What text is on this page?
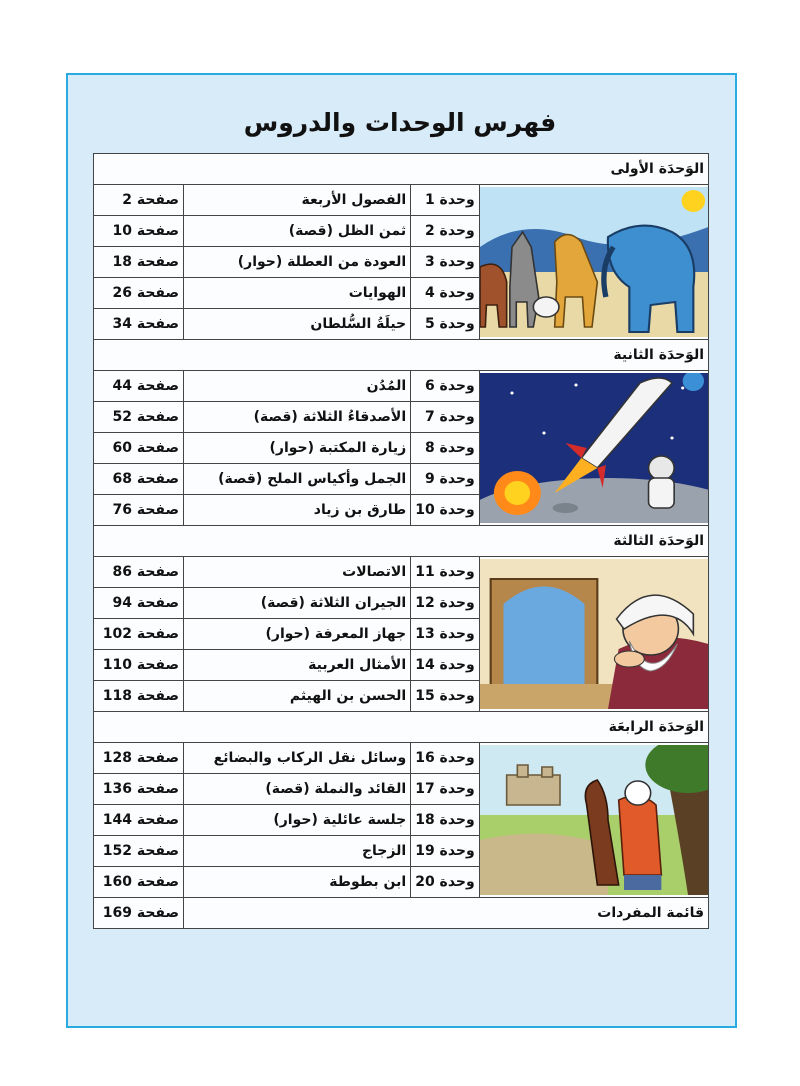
فهرس الوحدات والدروس
الوَحدَة الأولى			

	وحدة 1	الفصول الأربعة	صفحة 2
	وحدة 2	ثمن الظل (قصة)	صفحة 10
	وحدة 3	العودة من العطلة (حوار)	صفحة 18
	وحدة 4	الهوايات	صفحة 26
	وحدة 5	حيلَةُ السُّلطان	صفحة 34
الوَحدَة الثانية			

	وحدة 6	المُدُن	صفحة 44
	وحدة 7	الأصدقاءُ الثلاثة (قصة)	صفحة 52
	وحدة 8	زيارة المكتبة (حوار)	صفحة 60
	وحدة 9	الجمل وأكياس الملح (قصة)	صفحة 68
	وحدة 10	طارق بن زياد	صفحة 76
الوَحدَة الثالثة			

	وحدة 11	الاتصالات	صفحة 86
	وحدة 12	الجيران الثلاثة (قصة)	صفحة 94
	وحدة 13	جهاز المعرفة (حوار)	صفحة 102
	وحدة 14	الأمثال العربية	صفحة 110
	وحدة 15	الحسن بن الهيثم	صفحة 118
الوَحدَة الرابعَة			

	وحدة 16	وسائل نقل الركاب والبضائع	صفحة 128
	وحدة 17	القائد والنملة (قصة)	صفحة 136
	وحدة 18	جلسة عائلية (حوار)	صفحة 144
	وحدة 19	الزجاج	صفحة 152
	وحدة 20	ابن بطوطة	صفحة 160
قائمة المفردات			صفحة 169
